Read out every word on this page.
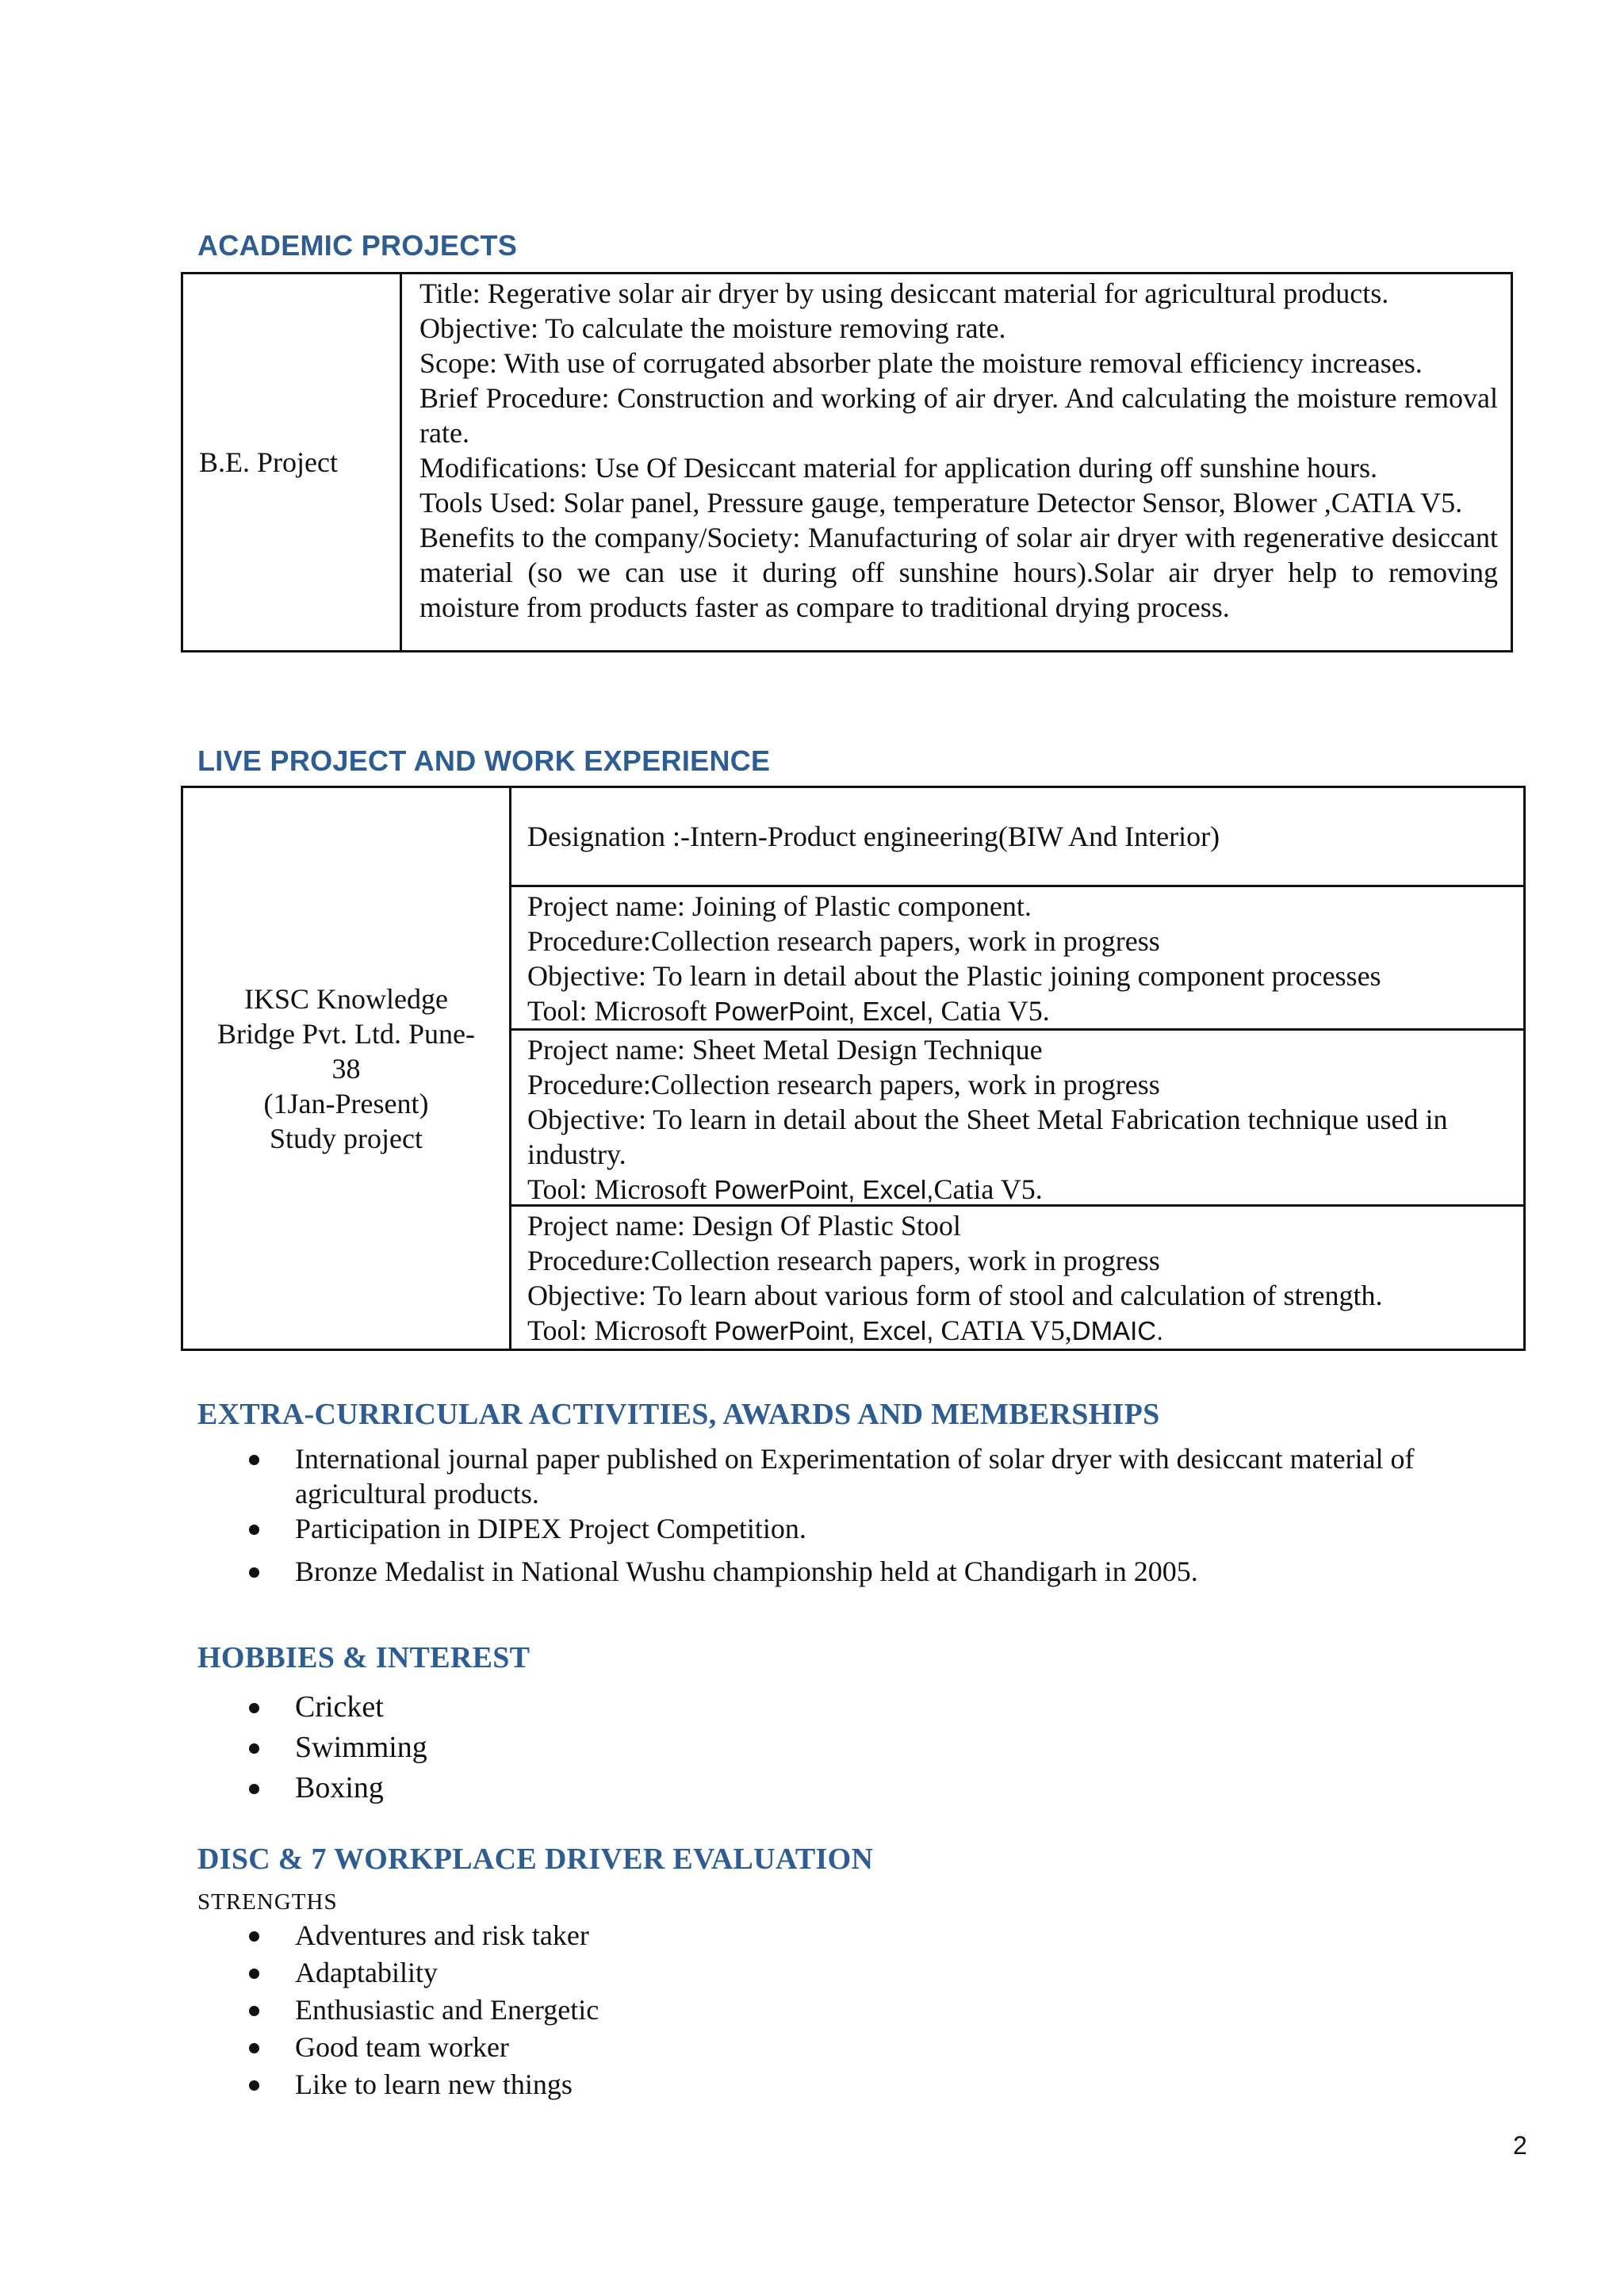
ACADEMIC PROJECTS
B.E. Project
Title: Regerative solar air dryer by using desiccant material for agricultural products.
Objective: To calculate the moisture removing rate.
Scope: With use of corrugated absorber plate the moisture removal efficiency increases.
Brief Procedure: Construction and working of air dryer. And calculating the moisture removal rate.
Modifications: Use Of Desiccant material for application during off sunshine hours.
Tools Used: Solar panel, Pressure gauge, temperature Detector Sensor, Blower ,CATIA V5.
Benefits to the company/Society: Manufacturing of solar air dryer with regenerative desiccant material (so we can use it during off sunshine hours).Solar air dryer help to removing moisture from products faster as compare to traditional drying process.
LIVE PROJECT AND WORK EXPERIENCE
IKSC Knowledge
Bridge Pvt. Ltd. Pune-
38
(1Jan-Present)
Study project
Designation :-Intern-Product engineering(BIW And Interior)
Project name: Joining of Plastic component.
Procedure:Collection research papers, work in progress
Objective: To learn in detail about the Plastic joining component processes
Tool: Microsoft PowerPoint, Excel, Catia V5.
Project name: Sheet Metal Design Technique
Procedure:Collection research papers, work in progress
Objective: To learn in detail about the Sheet Metal Fabrication technique used in industry.
Tool: Microsoft PowerPoint, Excel,Catia V5.
Project name: Design Of Plastic Stool
Procedure:Collection research papers, work in progress
Objective: To learn about various form of stool and calculation of strength.
Tool: Microsoft PowerPoint, Excel, CATIA V5,DMAIC.
EXTRA-CURRICULAR ACTIVITIES, AWARDS AND MEMBERSHIPS
International journal paper published on Experimentation of solar dryer with desiccant material of agricultural products.
Participation in DIPEX Project Competition.
Bronze Medalist in National Wushu championship held at Chandigarh in 2005.
HOBBIES & INTEREST
Cricket
Swimming
Boxing
DISC & 7 WORKPLACE DRIVER EVALUATION
STRENGTHS
Adventures and risk taker
Adaptability
Enthusiastic and Energetic
Good team worker
Like to learn new things
2
